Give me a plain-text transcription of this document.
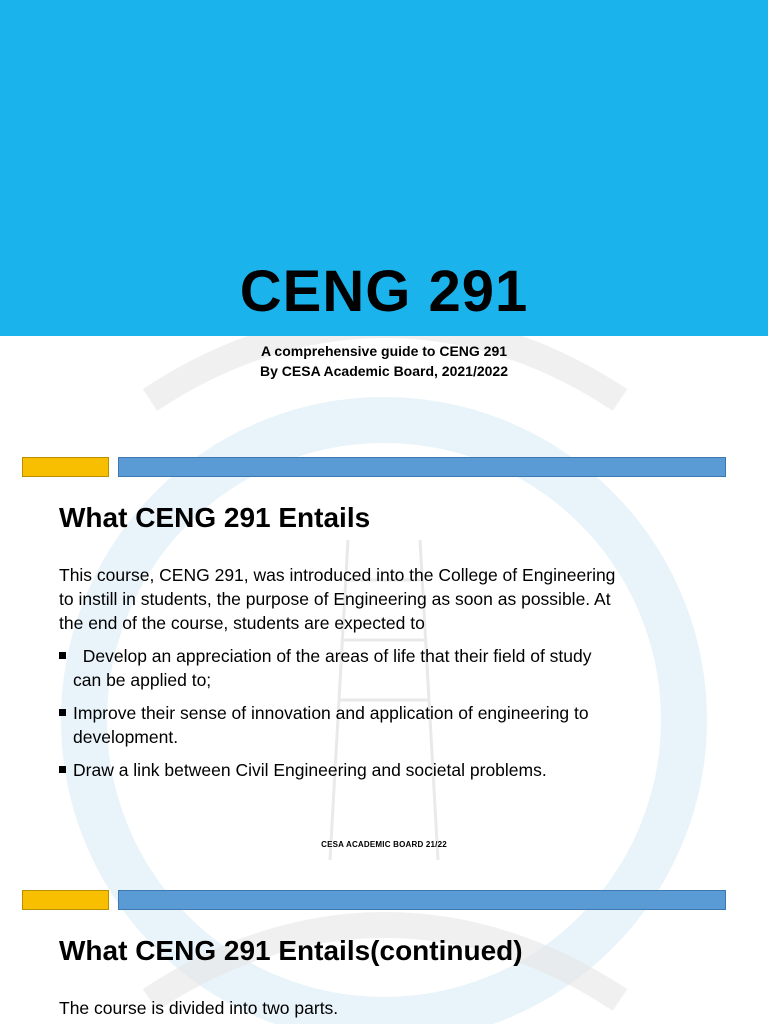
CENG 291
A comprehensive guide to CENG 291
By CESA Academic Board, 2021/2022
What CENG 291 Entails
This course, CENG 291, was introduced into the College of Engineering
to instill in students, the purpose of Engineering as soon as possible. At
the end of the course, students are expected to
Develop an appreciation of the areas of life that their field of study
can be applied to;
Improve their sense of innovation and application of engineering to
development.
Draw a link between Civil Engineering and societal problems.
CESA ACADEMIC BOARD 21/22
What CENG 291 Entails(continued)
The course is divided into two parts.
